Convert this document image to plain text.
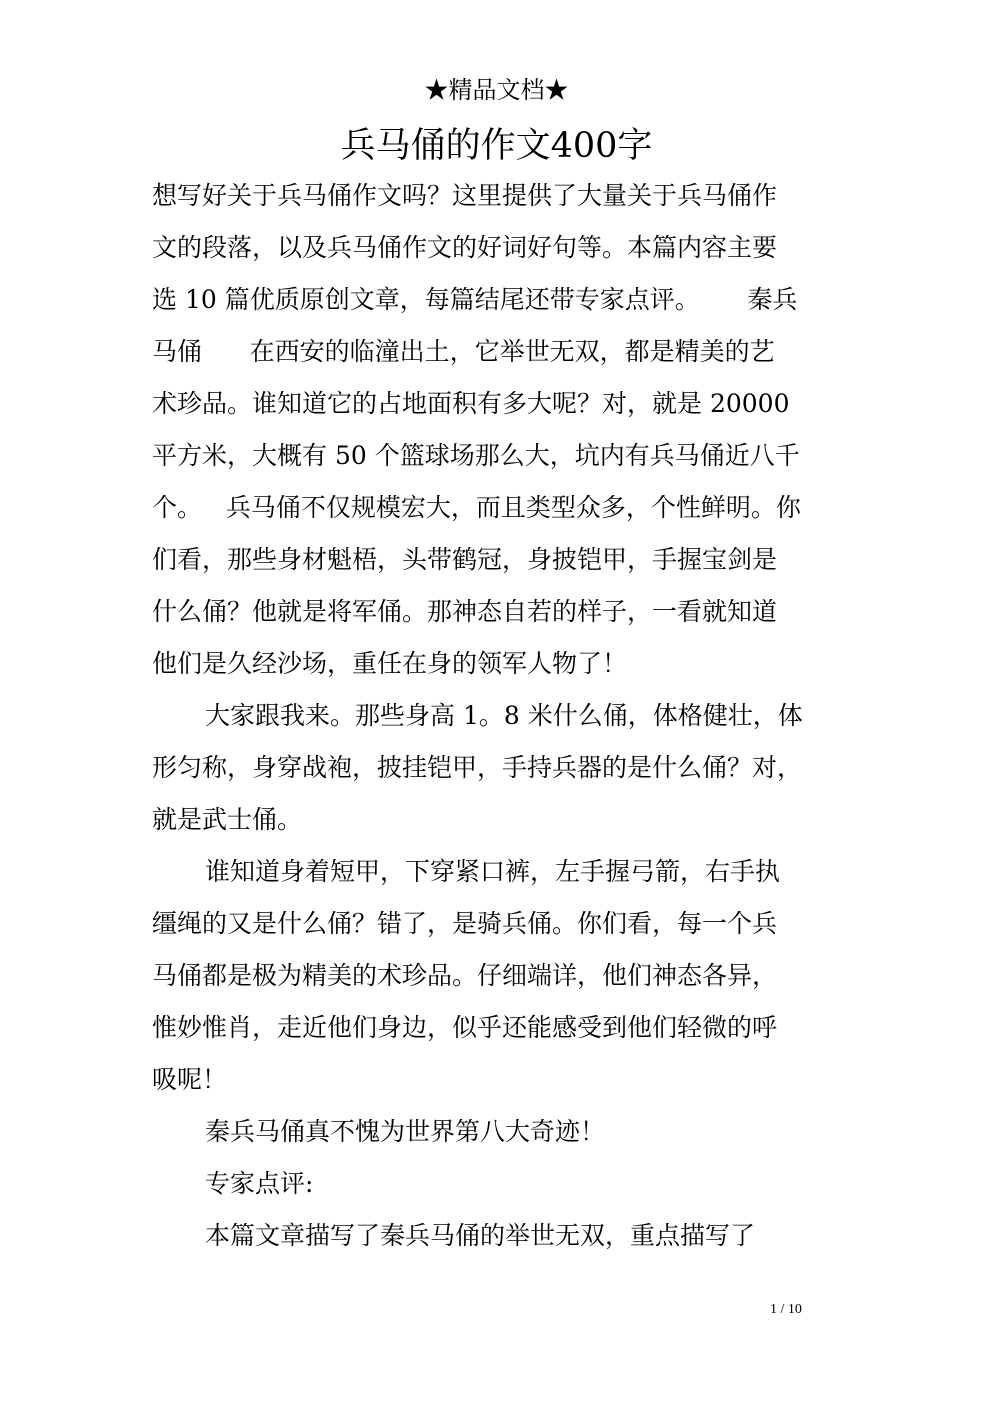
★精品文档★
兵马俑的作文400字
想写好关于兵马俑作文吗？这里提供了大量关于兵马俑作
文的段落，以及兵马俑作文的好词好句等。本篇内容主要
选 10 篇优质原创文章，每篇结尾还带专家点评。      秦兵
马俑      在西安的临潼出土，它举世无双，都是精美的艺
术珍品。谁知道它的占地面积有多大呢？对，就是 20000
平方米，大概有 50 个篮球场那么大，坑内有兵马俑近八千
个。   兵马俑不仅规模宏大，而且类型众多，个性鲜明。你
们看，那些身材魁梧，头带鹤冠，身披铠甲，手握宝剑是
什么俑？他就是将军俑。那神态自若的样子，一看就知道
他们是久经沙场，重任在身的领军人物了！
大家跟我来。那些身高 1。8 米什么俑，体格健壮，体
形匀称，身穿战袍，披挂铠甲，手持兵器的是什么俑？对，
就是武士俑。
谁知道身着短甲，下穿紧口裤，左手握弓箭，右手执
缰绳的又是什么俑？错了，是骑兵俑。你们看，每一个兵
马俑都是极为精美的术珍品。仔细端详，他们神态各异，
惟妙惟肖，走近他们身边，似乎还能感受到他们轻微的呼
吸呢！
秦兵马俑真不愧为世界第八大奇迹！
专家点评:
本篇文章描写了秦兵马俑的举世无双，重点描写了
1 / 10
